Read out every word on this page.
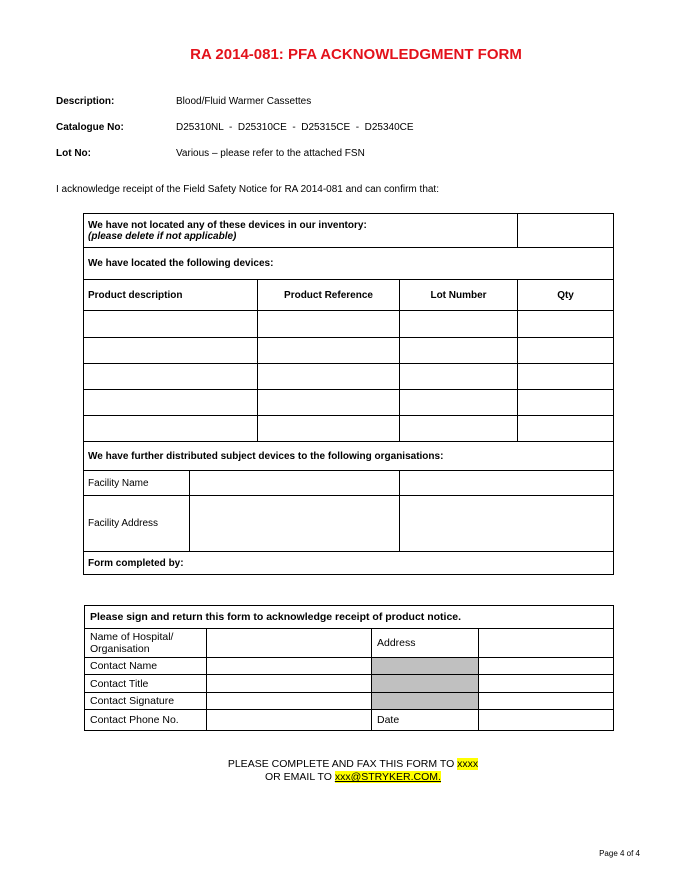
RA 2014-081: PFA ACKNOWLEDGMENT FORM
Description:	Blood/Fluid Warmer Cassettes
Catalogue No:	D25310NL  -  D25310CE  -  D25315CE  -  D25340CE
Lot No:	Various – please refer to the attached FSN
I acknowledge receipt of the Field Safety Notice for RA 2014-081 and can confirm that:
We have not located any of these devices in our inventory:
(please delete if not applicable)				

We have located the following devices:				
Product description		Product Reference	Lot Number	Qty

We have further distributed subject devices to the following organisations:				
Facility Name				
Facility Address				
Form completed by:				
Please sign and return this form to acknowledge receipt of product notice.			
Name of Hospital/ Organisation		Address	
Contact Name			
Contact Title			
Contact Signature			
Contact Phone No.		Date	
PLEASE COMPLETE AND FAX THIS FORM TO xxxx
OR EMAIL TO xxx@STRYKER.COM.
Page 4 of 4
